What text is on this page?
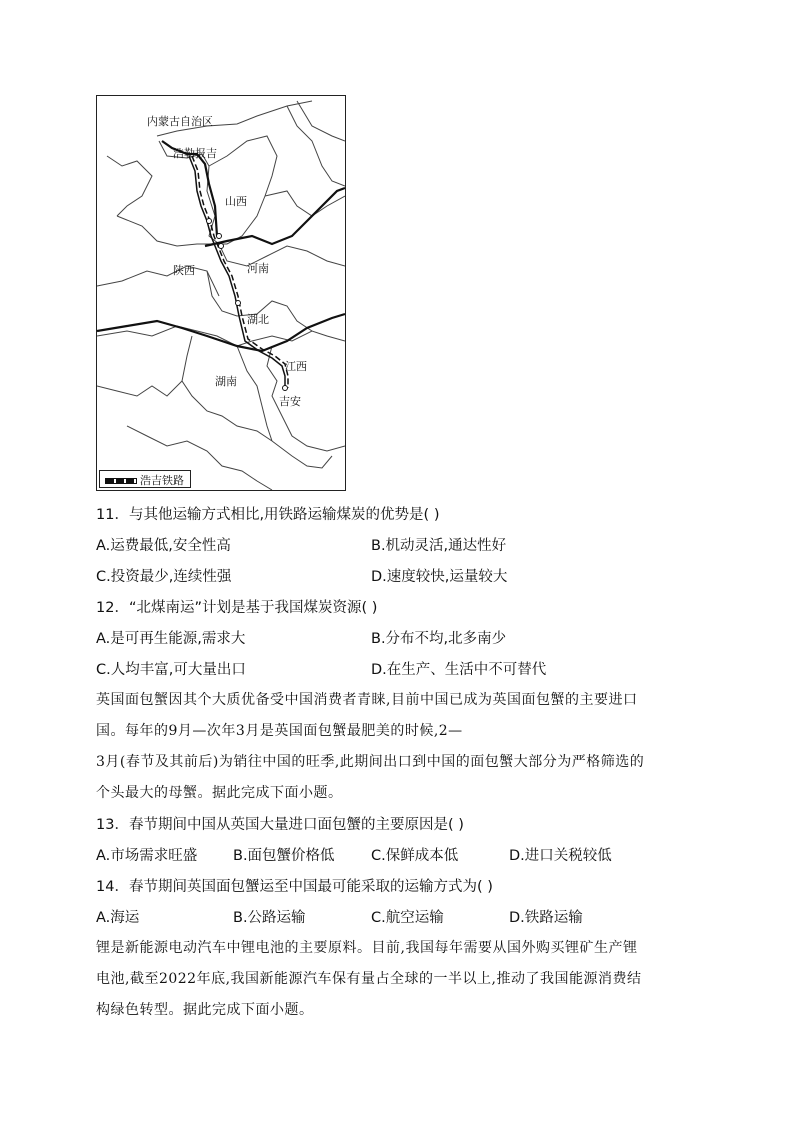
内蒙古自治区
浩勒报吉
山西
陕西	河南
湖北
江西
湖南
吉安
浩吉铁路
11．与其他运输方式相比,用铁路运输煤炭的优势是( )
A.运费最低,安全性高	B.机动灵活,通达性好
C.投资最少,连续性强	D.速度较快,运量较大
12．“北煤南运”计划是基于我国煤炭资源( )
A.是可再生能源,需求大	B.分布不均,北多南少
C.人均丰富,可大量出口	D.在生产、生活中不可替代
英国面包蟹因其个大质优备受中国消费者青睐,目前中国已成为英国面包蟹的主要进口
国。每年的9月—次年3月是英国面包蟹最肥美的时候,2—
3月(春节及其前后)为销往中国的旺季,此期间出口到中国的面包蟹大部分为严格筛选的
个头最大的母蟹。据此完成下面小题。
13．春节期间中国从英国大量进口面包蟹的主要原因是( )
A.市场需求旺盛 B.面包蟹价格低	C.保鲜成本低	D.进口关税较低
14．春节期间英国面包蟹运至中国最可能采取的运输方式为( )
A.海运	B.公路运输	C.航空运输	D.铁路运输
锂是新能源电动汽车中锂电池的主要原料。目前,我国每年需要从国外购买锂矿生产锂
电池,截至2022年底,我国新能源汽车保有量占全球的一半以上,推动了我国能源消费结
构绿色转型。据此完成下面小题。
